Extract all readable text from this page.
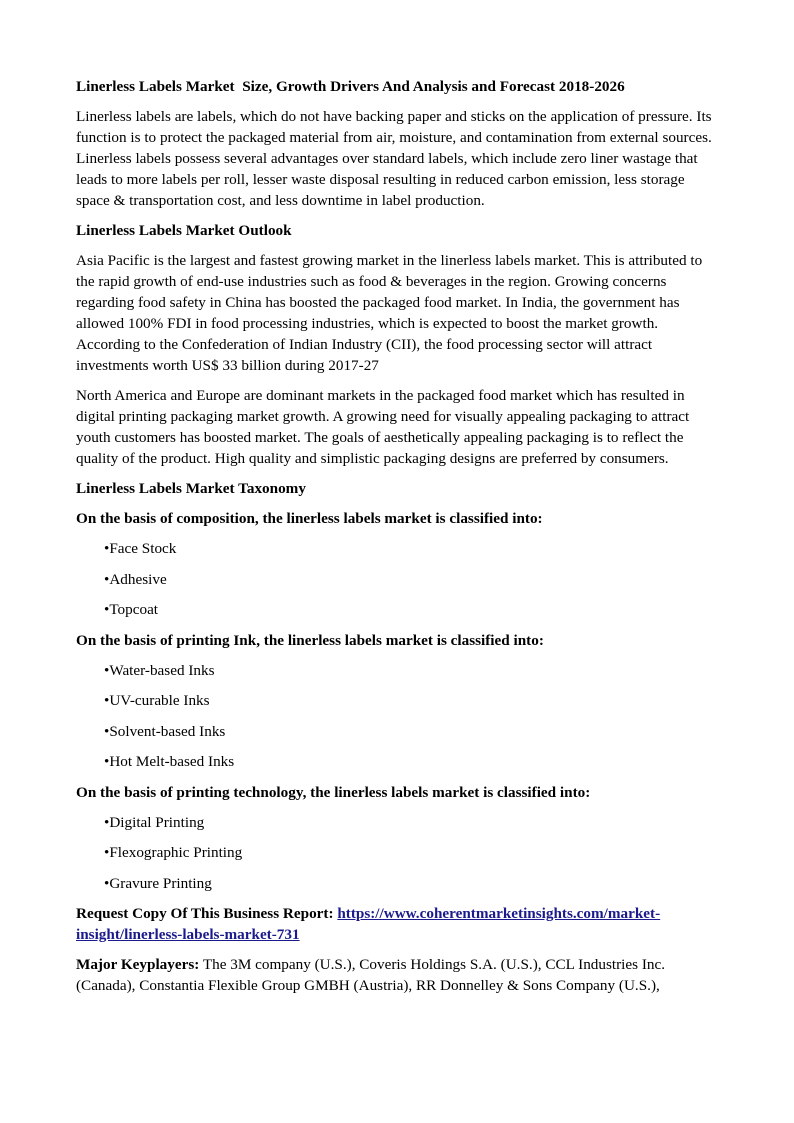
Linerless Labels Market  Size, Growth Drivers And Analysis and Forecast 2018-2026
Linerless labels are labels, which do not have backing paper and sticks on the application of pressure. Its function is to protect the packaged material from air, moisture, and contamination from external sources. Linerless labels possess several advantages over standard labels, which include zero liner wastage that leads to more labels per roll, lesser waste disposal resulting in reduced carbon emission, less storage space & transportation cost, and less downtime in label production.
Linerless Labels Market Outlook
Asia Pacific is the largest and fastest growing market in the linerless labels market. This is attributed to the rapid growth of end-use industries such as food & beverages in the region. Growing concerns regarding food safety in China has boosted the packaged food market. In India, the government has allowed 100% FDI in food processing industries, which is expected to boost the market growth. According to the Confederation of Indian Industry (CII), the food processing sector will attract investments worth US$ 33 billion during 2017-27
North America and Europe are dominant markets in the packaged food market which has resulted in digital printing packaging market growth. A growing need for visually appealing packaging to attract youth customers has boosted market. The goals of aesthetically appealing packaging is to reflect the quality of the product. High quality and simplistic packaging designs are preferred by consumers.
Linerless Labels Market Taxonomy
On the basis of composition, the linerless labels market is classified into:
•Face Stock
•Adhesive
•Topcoat
On the basis of printing Ink, the linerless labels market is classified into:
•Water-based Inks
•UV-curable Inks
•Solvent-based Inks
•Hot Melt-based Inks
On the basis of printing technology, the linerless labels market is classified into:
•Digital Printing
•Flexographic Printing
•Gravure Printing
Request Copy Of This Business Report: https://www.coherentmarketinsights.com/market-insight/linerless-labels-market-731
Major Keyplayers: The 3M company (U.S.), Coveris Holdings S.A. (U.S.), CCL Industries Inc. (Canada), Constantia Flexible Group GMBH (Austria), RR Donnelley & Sons Company (U.S.),
